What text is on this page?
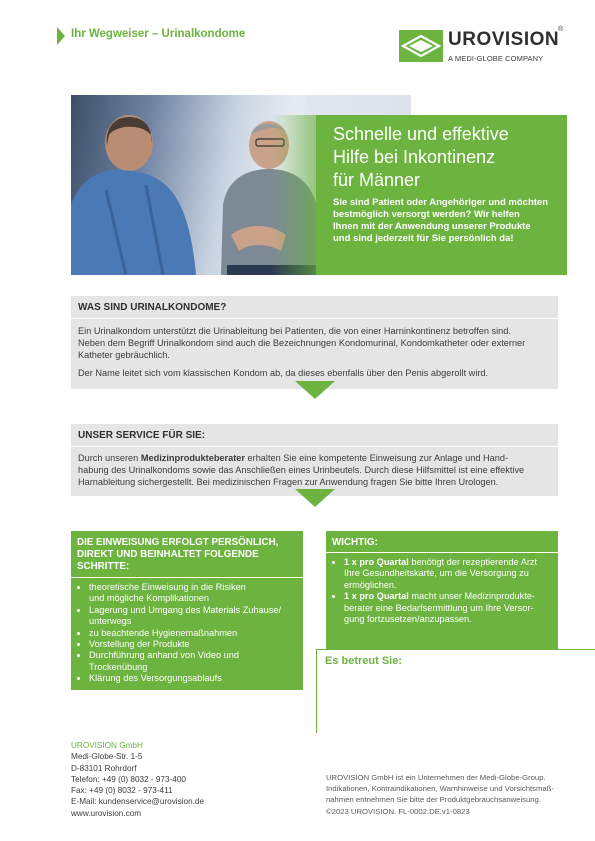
Ihr Wegweiser – Urinalkondome	UROVISION
®
A MEDI-GLOBE COMPANY
Schnelle und effektive
Hilfe bei Inkontinenz
für Männer
Sie sind Patient oder Angehöriger und möchten
bestmöglich versorgt werden? Wir helfen
Ihnen mit der Anwendung unserer Produkte
und sind jederzeit für Sie persönlich da!
WAS SIND URINALKONDOME?

Ein Urinalkondom unterstützt die Urinableitung bei Patienten, die von einer Harninkontinenz betroffen sind.
Neben dem Begriff Urinalkondom sind auch die Bezeichnungen Kondomurinal, Kondomkatheter oder externer
Katheter gebräuchlich.

Der Name leitet sich vom klassischen Kondom ab, da dieses ebenfalls über den Penis abgerollt wird.

UNSER SERVICE FÜR SIE:

Durch unseren Medizinprodukteberater erhalten Sie eine kompetente Einweisung zur Anlage und Hand-
habung des Urinalkondoms sowie das Anschließen eines Urinbeutels. Durch diese Hilfsmittel ist eine effektive
Harnableitung sichergestellt. Bei medizinischen Fragen zur Anwendung fragen Sie bitte Ihren Urologen.

DIE EINWEISUNG ERFOLGT PERSÖNLICH,
DIREKT UND BEINHALTET FOLGENDE
SCHRITTE:
• theoretische Einweisung in die Risiken
und mögliche Komplikationen
• Lagerung und Umgang des Materials Zuhause/
unterwegs
• zu beachtende Hygienemaßnahmen
• Vorstellung der Produkte
• Durchführung anhand von Video und
Trockenübung
• Klärung des Versorgungsablaufs
WICHTIG:
• 1 x pro Quartal benötigt der rezeptierende Arzt
Ihre Gesundheitskarte, um die Versorgung zu
ermöglichen.
• 1 x pro Quartal macht unser Medizinprodukte-
berater eine Bedarfsermittlung um Ihre Versor-
gung fortzusetzen/anzupassen.
Es betreut Sie:
UROVISION GmbH
Medi-Globe-Str. 1-5
D-83101 Rohrdorf
Telefon: +49 (0) 8032 - 973-400
Fax: +49 (0) 8032 - 973-411
E-Mail: kundenservice@urovision.de
www.urovision.com
UROVISION GmbH ist ein Unternehmen der Medi-Globe-Group.
Indikationen, Kontraindikationen, Warnhinweise und Vorsichtsmaß-
nahmen entnehmen Sie bitte der Produktgebrauchsanweisung.
©2023 UROVISION. FL-0002.DE.v1-0823
